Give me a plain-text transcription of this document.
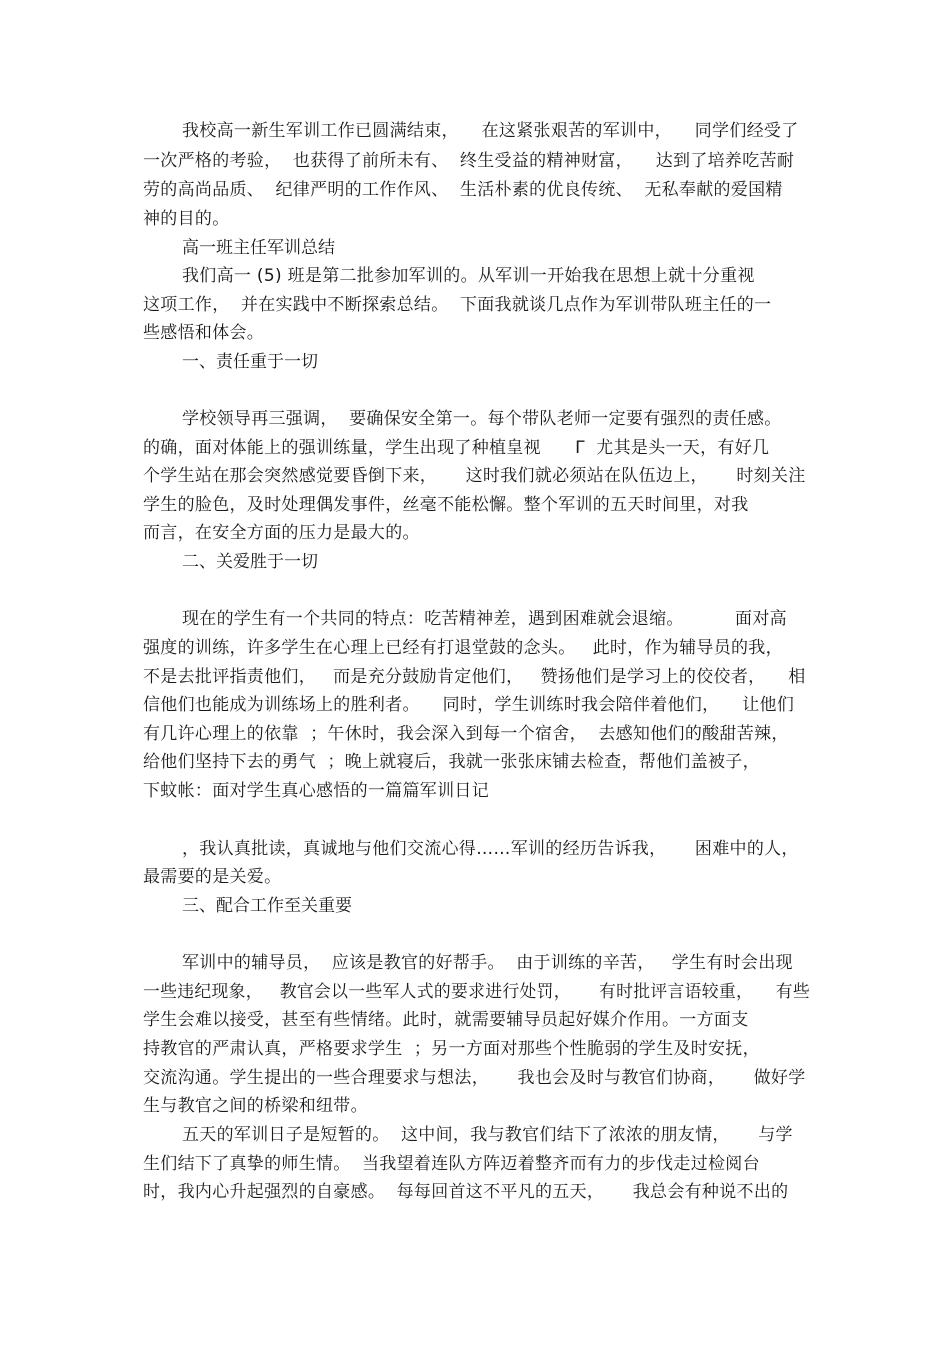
我校高一新生军训工作已圆满结束，    在这紧张艰苦的军训中，    同学们经受了
一次严格的考验，  也获得了前所未有、  终生受益的精神财富，    达到了培养吃苦耐
劳的高尚品质、  纪律严明的工作作风、  生活朴素的优良传统、  无私奉献的爱国精
神的目的。
高一班主任军训总结
我们高一 (5) 班是第二批参加军训的。从军训一开始我在思想上就十分重视
这项工作，  并在实践中不断探索总结。  下面我就谈几点作为军训带队班主任的一
些感悟和体会。
一、责任重于一切
学校领导再三强调，  要确保安全第一。每个带队老师一定要有强烈的责任感。
的确，面对体能上的强训练量，学生出现了种植皇视      Γ  尤其是头一天，有好几
个学生站在那会突然感觉要昏倒下来，     这时我们就必须站在队伍边上，     时刻关注
学生的脸色，及时处理偶发事件，丝毫不能松懈。整个军训的五天时间里，对我
而言，在安全方面的压力是最大的。
二、关爱胜于一切
现在的学生有一个共同的特点：吃苦精神差，遇到困难就会退缩。         面对高
强度的训练，许多学生在心理上已经有打退堂鼓的念头。   此时，作为辅导员的我，
不是去批评指责他们，   而是充分鼓励肯定他们，   赞扬他们是学习上的佼佼者，    相
信他们也能成为训练场上的胜利者。    同时，学生训练时我会陪伴着他们，    让他们
有几许心理上的依靠  ；午休时，我会深入到每一个宿舍，  去感知他们的酸甜苦辣，
给他们坚持下去的勇气  ；晚上就寝后，我就一张张床铺去检查，帮他们盖被子，
下蚊帐：面对学生真心感悟的一篇篇军训日记
，我认真批读，真诚地与他们交流心得……军训的经历告诉我，     困难中的人，
最需要的是关爱。
三、配合工作至关重要
军训中的辅导员，  应该是教官的好帮手。  由于训练的辛苦，   学生有时会出现
一些违纪现象，   教官会以一些军人式的要求进行处罚，     有时批评言语较重，    有些
学生会难以接受，甚至有些情绪。此时，就需要辅导员起好媒介作用。一方面支
持教官的严肃认真，严格要求学生  ；另一方面对那些个性脆弱的学生及时安抚，
交流沟通。学生提出的一些合理要求与想法，     我也会及时与教官们协商，     做好学
生与教官之间的桥梁和纽带。
五天的军训日子是短暂的。  这中间，我与教官们结下了浓浓的朋友情，     与学
生们结下了真挚的师生情。  当我望着连队方阵迈着整齐而有力的步伐走过检阅台
时，我内心升起强烈的自豪感。  每每回首这不平凡的五天，     我总会有种说不出的
